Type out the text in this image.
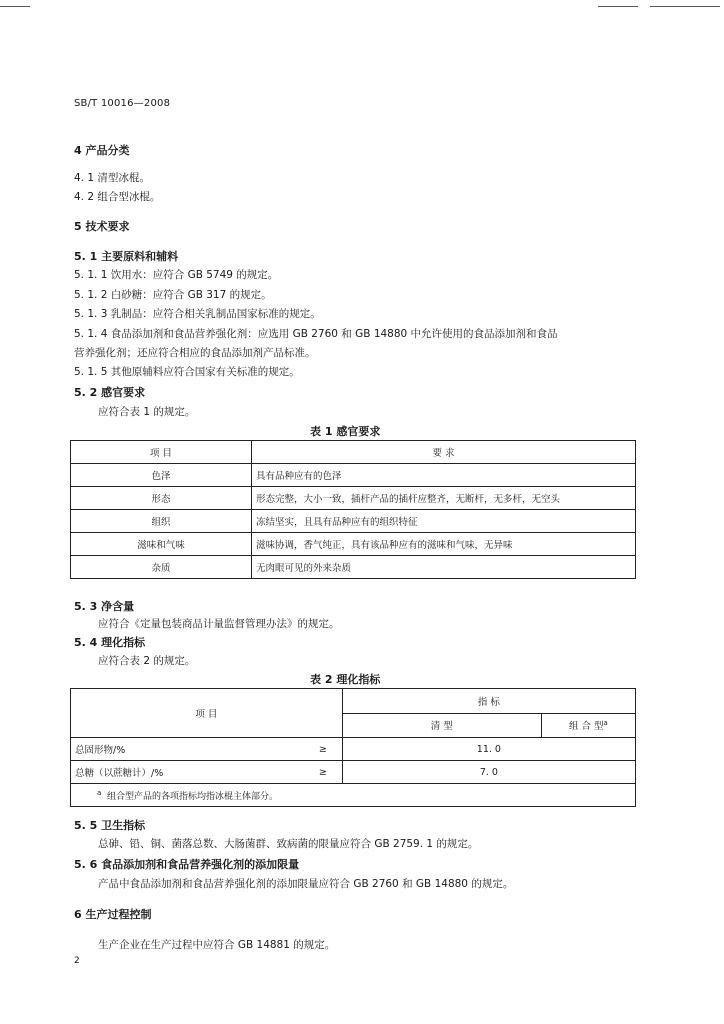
SB/T 10016—2008
4 产品分类
4. 1 清型冰棍。
4. 2 组合型冰棍。
5 技术要求
5. 1 主要原料和辅料
5. 1. 1 饮用水：应符合 GB 5749 的规定。
5. 1. 2 白砂糖：应符合 GB 317 的规定。
5. 1. 3 乳制品：应符合相关乳制品国家标准的规定。
5. 1. 4 食品添加剂和食品营养强化剂：应选用 GB 2760 和 GB 14880 中允许使用的食品添加剂和食品
营养强化剂；还应符合相应的食品添加剂产品标准。
5. 1. 5 其他原辅料应符合国家有关标准的规定。
5. 2 感官要求
应符合表 1 的规定。
表 1 感官要求
项 目	要 求
色泽	具有品种应有的色泽
形态	形态完整，大小一致，插杆产品的插杆应整齐，无断杆，无多杆，无空头
组织	冻结坚实，且具有品种应有的组织特征
滋味和气味	滋味协调，香气纯正，具有该品种应有的滋味和气味，无异味
杂质	无肉眼可见的外来杂质
5. 3 净含量
应符合《定量包装商品计量监督管理办法》的规定。
5. 4 理化指标
应符合表 2 的规定。
表 2 理化指标
项 目		指 标	
		清 型	组 合 型$^a$
总固形物/%	≥	11. 0	
总糖（以蔗糖计）/%	≥	7. 0	
$^a$ 组合型产品的各项指标均指冰棍主体部分。			
5. 5 卫生指标
总砷、铅、铜、菌落总数、大肠菌群、致病菌的限量应符合 GB 2759. 1 的规定。
5. 6 食品添加剂和食品营养强化剂的添加限量
产品中食品添加剂和食品营养强化剂的添加限量应符合 GB 2760 和 GB 14880 的规定。
6 生产过程控制
生产企业在生产过程中应符合 GB 14881 的规定。
2
